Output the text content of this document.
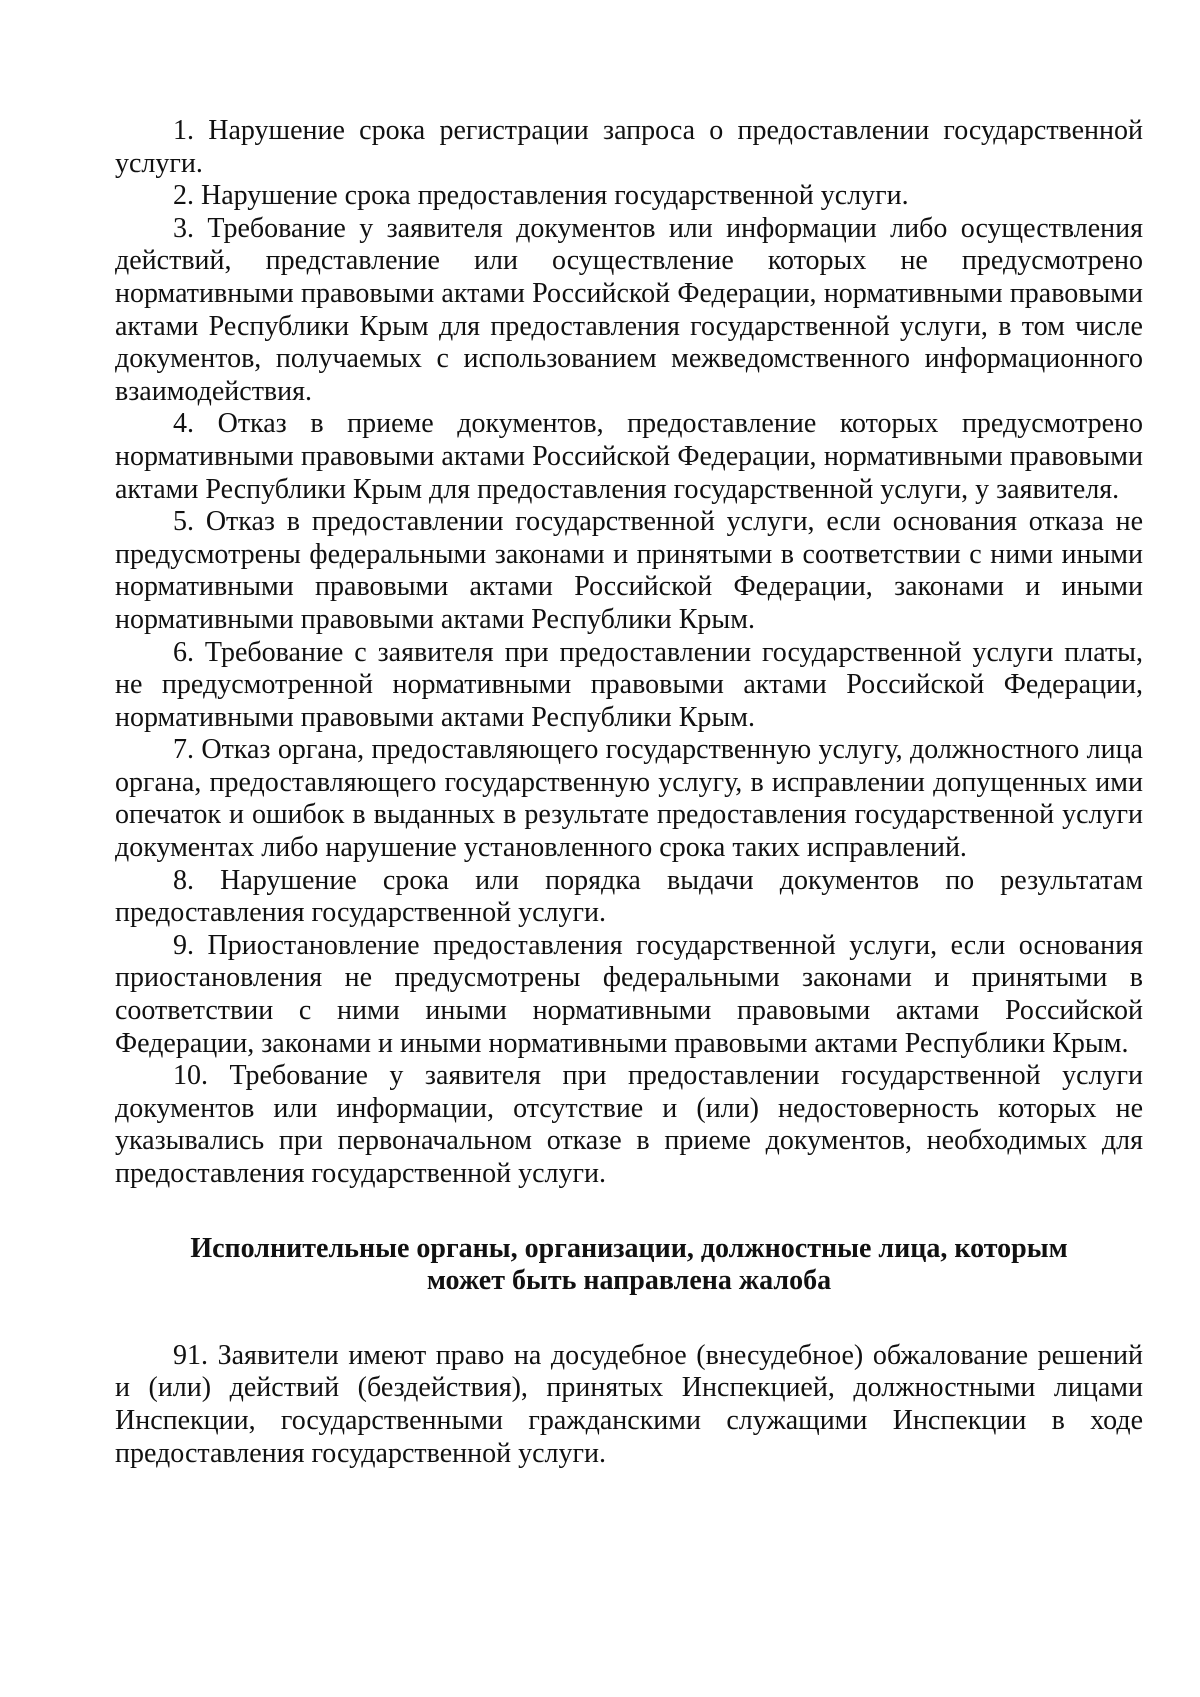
1. Нарушение срока регистрации запроса о предоставлении государственной услуги.

2. Нарушение срока предоставления государственной услуги.

3. Требование у заявителя документов или информации либо осуществления действий, представление или осуществление которых не предусмотрено нормативными правовыми актами Российской Федерации, нормативными правовыми актами Республики Крым для предоставления государственной услуги, в том числе документов, получаемых с использованием межведомственного информационного взаимодействия.

4. Отказ в приеме документов, предоставление которых предусмотрено нормативными правовыми актами Российской Федерации, нормативными правовыми актами Республики Крым для предоставления государственной услуги, у заявителя.

5. Отказ в предоставлении государственной услуги, если основания отказа не предусмотрены федеральными законами и принятыми в соответствии с ними иными нормативными правовыми актами Российской Федерации, законами и иными нормативными правовыми актами Республики Крым.

6. Требование с заявителя при предоставлении государственной услуги платы, не предусмотренной нормативными правовыми актами Российской Федерации, нормативными правовыми актами Республики Крым.

7. Отказ органа, предоставляющего государственную услугу, должностного лица органа, предоставляющего государственную услугу, в исправлении допущенных ими опечаток и ошибок в выданных в результате предоставления государственной услуги документах либо нарушение установленного срока таких исправлений.

8. Нарушение срока или порядка выдачи документов по результатам предоставления государственной услуги.

9. Приостановление предоставления государственной услуги, если основания приостановления не предусмотрены федеральными законами и принятыми в соответствии с ними иными нормативными правовыми актами Российской Федерации, законами и иными нормативными правовыми актами Республики Крым.

10. Требование у заявителя при предоставлении государственной услуги документов или информации, отсутствие и (или) недостоверность которых не указывались при первоначальном отказе в приеме документов, необходимых для предоставления государственной услуги.

Исполнительные органы, организации, должностные лица, которым
может быть направлена жалоба

91. Заявители имеют право на досудебное (внесудебное) обжалование решений и (или) действий (бездействия), принятых Инспекцией, должностными лицами Инспекции, государственными гражданскими служащими Инспекции в ходе предоставления государственной услуги.
